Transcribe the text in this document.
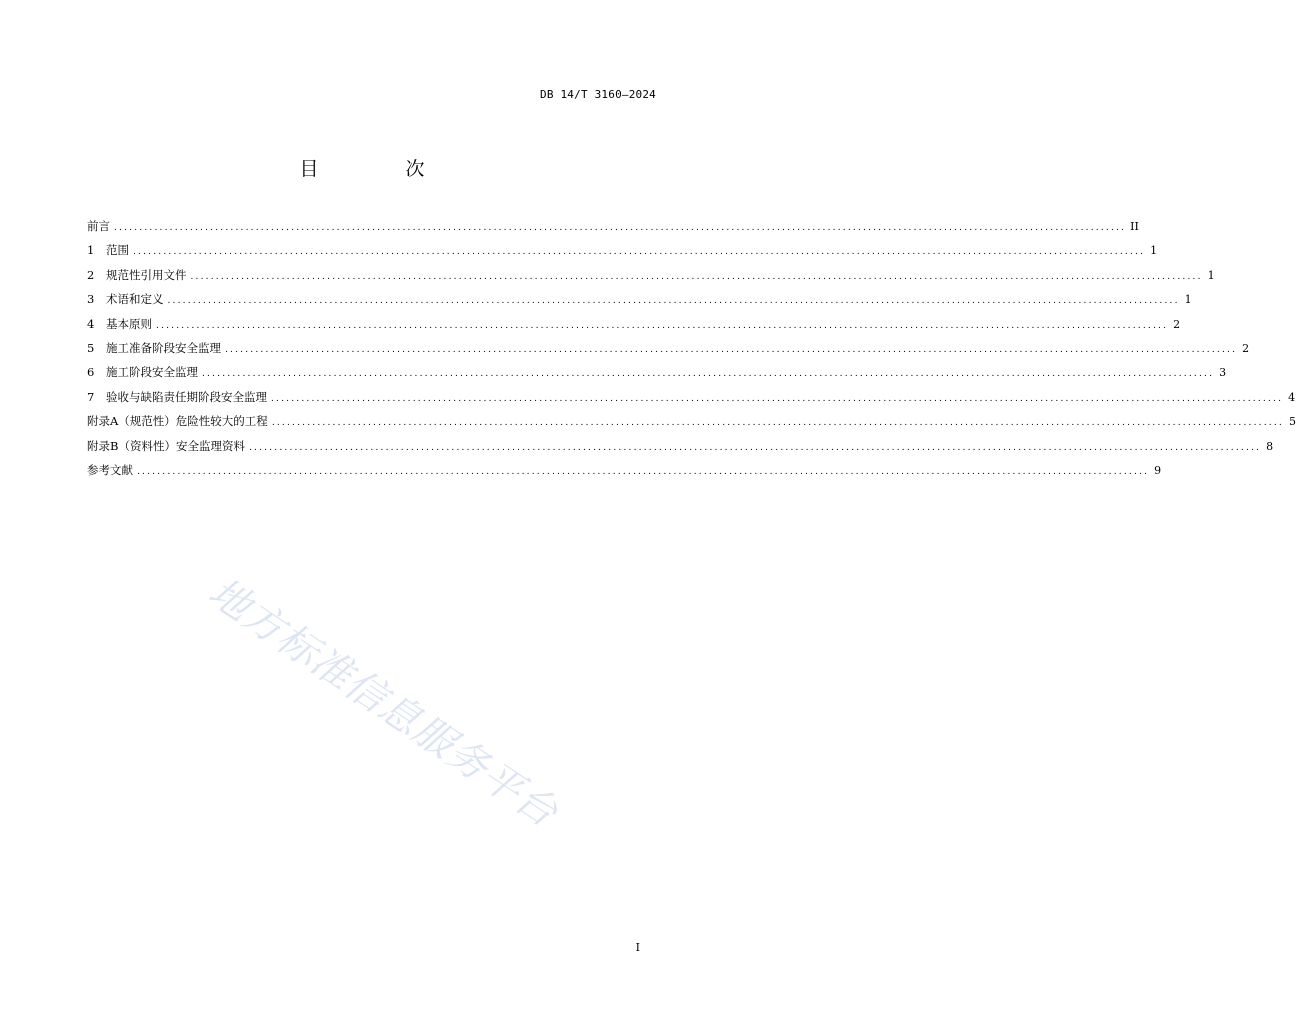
DB 14/T 3160—2024
目　次
前言 ........................................................................................................................................................................................................ II
1	范围 ........................................................................................................................................................................................................ 1
2	规范性引用文件 ........................................................................................................................................................................................................ 1
3	术语和定义 ........................................................................................................................................................................................................ 1
4	基本原则 ........................................................................................................................................................................................................ 2
5	施工准备阶段安全监理 ........................................................................................................................................................................................................ 2
6	施工阶段安全监理 ........................................................................................................................................................................................................ 3
7	验收与缺陷责任期阶段安全监理 ........................................................................................................................................................................................................ 4
附录A（规范性）危险性较大的工程 ........................................................................................................................................................................................................ 5
附录B（资料性）安全监理资料 ........................................................................................................................................................................................................ 8
参考文献 ........................................................................................................................................................................................................ 9
地方标准信息服务平台
I
